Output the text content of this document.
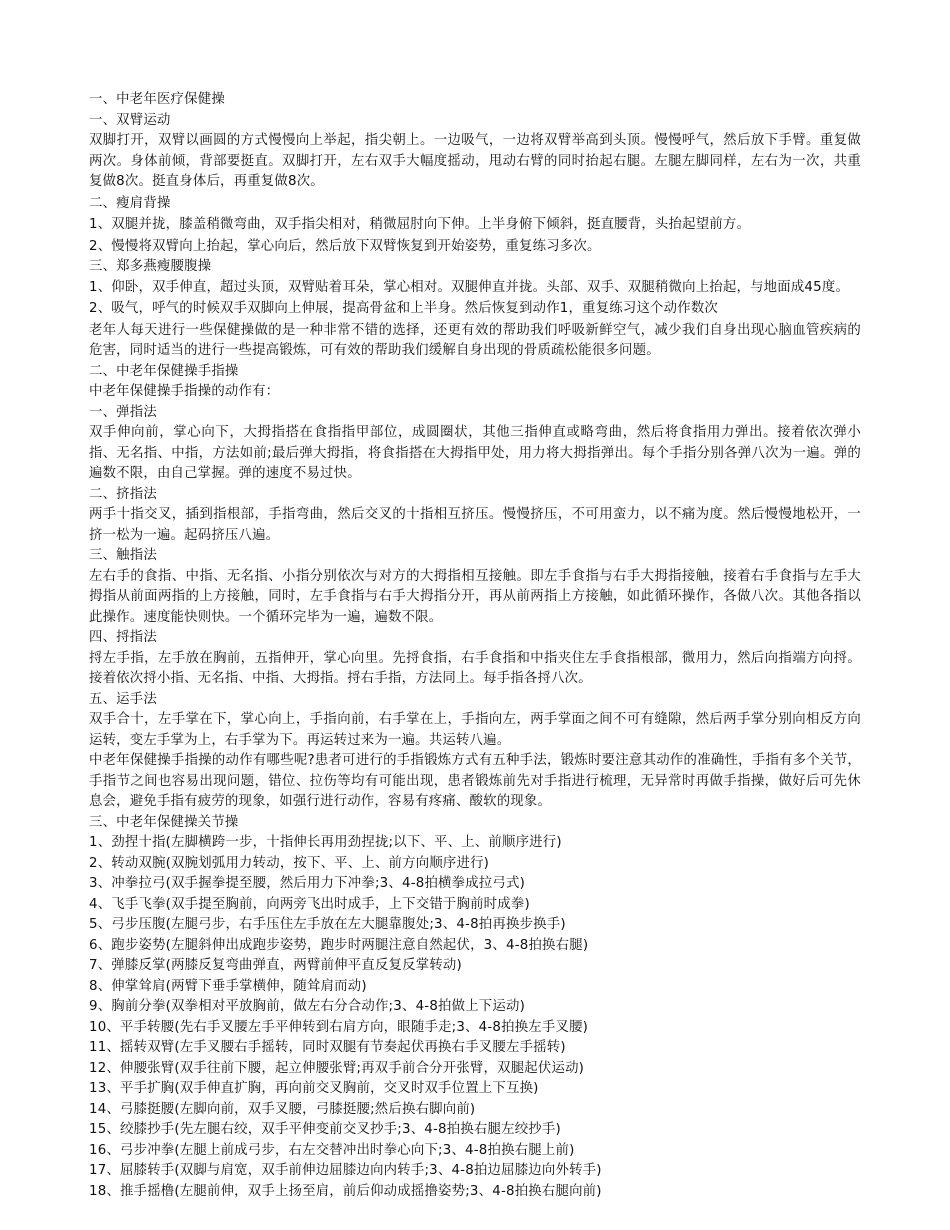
一、中老年医疗保健操
一、双臂运动
双脚打开，双臂以画圆的方式慢慢向上举起，指尖朝上。一边吸气，一边将双臂举高到头顶。慢慢呼气，然后放下手臂。重复做两次。身体前倾，背部要挺直。双脚打开，左右双手大幅度摇动，甩动右臂的同时抬起右腿。左腿左脚同样，左右为一次，共重复做8次。挺直身体后，再重复做8次。
二、瘦肩背操
1、双腿并拢，膝盖稍微弯曲，双手指尖相对，稍微屈肘向下伸。上半身俯下倾斜，挺直腰背，头抬起望前方。
2、慢慢将双臂向上抬起，掌心向后，然后放下双臂恢复到开始姿势，重复练习多次。
三、郑多燕瘦腰腹操
1、仰卧，双手伸直，超过头顶，双臂贴着耳朵，掌心相对。双腿伸直并拢。头部、双手、双腿稍微向上抬起，与地面成45度。
2、吸气，呼气的时候双手双脚向上伸展，提高骨盆和上半身。然后恢复到动作1，重复练习这个动作数次
老年人每天进行一些保健操做的是一种非常不错的选择，还更有效的帮助我们呼吸新鲜空气，减少我们自身出现心脑血管疾病的危害，同时适当的进行一些提高锻炼，可有效的帮助我们缓解自身出现的骨质疏松能很多问题。
二、中老年保健操手指操
中老年保健操手指操的动作有：
一、弹指法
双手伸向前，掌心向下，大拇指搭在食指指甲部位，成圆圈状，其他三指伸直或略弯曲，然后将食指用力弹出。接着依次弹小指、无名指、中指，方法如前;最后弹大拇指，将食指搭在大拇指甲处，用力将大拇指弹出。每个手指分别各弹八次为一遍。弹的遍数不限，由自己掌握。弹的速度不易过快。
二、挤指法
两手十指交叉，插到指根部，手指弯曲，然后交叉的十指相互挤压。慢慢挤压，不可用蛮力，以不痛为度。然后慢慢地松开，一挤一松为一遍。起码挤压八遍。
三、触指法
左右手的食指、中指、无名指、小指分别依次与对方的大拇指相互接触。即左手食指与右手大拇指接触，接着右手食指与左手大拇指从前面两指的上方接触，同时，左手食指与右手大拇指分开，再从前两指上方接触，如此循环操作，各做八次。其他各指以此操作。速度能快则快。一个循环完毕为一遍，遍数不限。
四、捋指法
捋左手指，左手放在胸前，五指伸开，掌心向里。先捋食指，右手食指和中指夹住左手食指根部，微用力，然后向指端方向捋。接着依次捋小指、无名指、中指、大拇指。捋右手指，方法同上。每手指各捋八次。
五、运手法
双手合十，左手掌在下，掌心向上，手指向前，右手掌在上，手指向左，两手掌面之间不可有缝隙，然后两手掌分别向相反方向运转，变左手掌为上，右手掌为下。再运转过来为一遍。共运转八遍。
中老年保健操手指操的动作有哪些呢?患者可进行的手指锻炼方式有五种手法，锻炼时要注意其动作的准确性，手指有多个关节，手指节之间也容易出现问题，错位、拉伤等均有可能出现，患者锻炼前先对手指进行梳理，无异常时再做手指操，做好后可先休息会，避免手指有疲劳的现象，如强行进行动作，容易有疼痛、酸软的现象。
三、中老年保健操关节操
1、劲捏十指(左脚横跨一步，十指伸长再用劲捏拢;以下、平、上、前顺序进行)
2、转动双腕(双腕划弧用力转动，按下、平、上、前方向顺序进行)
3、冲拳拉弓(双手握拳提至腰，然后用力下冲拳;3、4-8拍横拳成拉弓式)
4、飞手飞拳(双手提至胸前，向两旁飞出时成手，上下交错于胸前时成拳)
5、弓步压腹(左腿弓步，右手压住左手放在左大腿靠腹处;3、4-8拍再换步换手)
6、跑步姿势(左腿斜伸出成跑步姿势，跑步时两腿注意自然起伏，3、4-8拍换右腿)
7、弹膝反掌(两膝反复弯曲弹直，两臂前伸平直反复反掌转动)
8、伸掌耸肩(两臂下垂手掌横伸，随耸肩而动)
9、胸前分拳(双拳相对平放胸前，做左右分合动作;3、4-8拍做上下运动)
10、平手转腰(先右手叉腰左手平伸转到右肩方向，眼随手走;3、4-8拍换左手叉腰)
11、摇转双臂(左手叉腰右手摇转，同时双腿有节奏起伏再换右手叉腰左手摇转)
12、伸腰张臂(双手往前下腰，起立伸腰张臂;再双手前合分开张臂，双腿起伏运动)
13、平手扩胸(双手伸直扩胸，再向前交叉胸前，交叉时双手位置上下互换)
14、弓膝挺腰(左脚向前，双手叉腰，弓膝挺腰;然后换右脚向前)
15、绞膝抄手(先左腿右绞，双手平伸变前交叉抄手;3、4-8拍换右腿左绞抄手)
16、弓步冲拳(左腿上前成弓步，右左交替冲出时拳心向下;3、4-8拍换右腿上前)
17、屈膝转手(双脚与肩宽，双手前伸边屈膝边向内转手;3、4-8拍边屈膝边向外转手)
18、推手摇橹(左腿前伸，双手上扬至肩，前后仰动成摇撸姿势;3、4-8拍换右腿向前)
